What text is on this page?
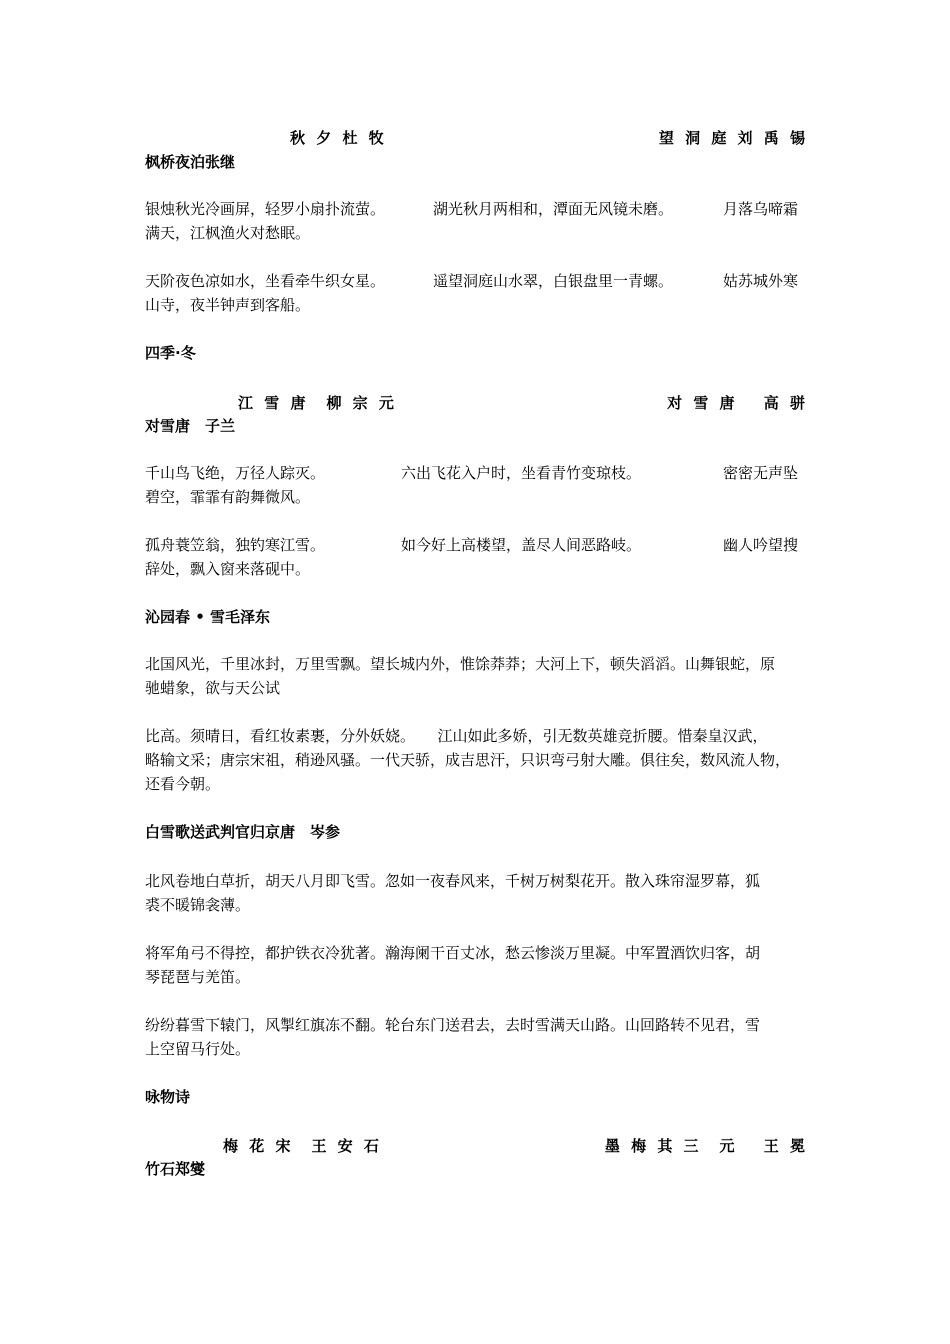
秋 夕 杜 牧	望 洞 庭 刘 禹 锡
枫桥夜泊张继
银烛秋光冷画屏，轻罗小扇扑流萤。	湖光秋月两相和，潭面无风镜未磨。	月落乌啼霜
满天，江枫渔火对愁眠。
天阶夜色凉如水，坐看牵牛织女星。	遥望洞庭山水翠，白银盘里一青螺。	姑苏城外寒
山寺，夜半钟声到客船。
四季·冬
江 雪 唐　柳 宗 元	对 雪 唐　 高 骈
对雪唐　子兰
千山鸟飞绝，万径人踪灭。	六出飞花入户时，坐看青竹变琼枝。	密密无声坠
碧空，霏霏有韵舞微风。
孤舟蓑笠翁，独钓寒江雪。	如今好上高楼望，盖尽人间恶路岐。	幽人吟望搜
辞处，飘入窗来落砚中。
沁园春 • 雪毛泽东
北国风光，千里冰封，万里雪飘。望长城内外，惟馀莽莽；大河上下，顿失滔滔。山舞银蛇，原
驰蜡象，欲与天公试
比高。须晴日，看红妆素裹，分外妖娆。　　江山如此多娇，引无数英雄竞折腰。惜秦皇汉武，
略输文采；唐宗宋祖，稍逊风骚。一代天骄，成吉思汗，只识弯弓射大雕。俱往矣，数风流人物，
还看今朝。
白雪歌送武判官归京唐　岑参
北风卷地白草折，胡天八月即飞雪。忽如一夜春风来，千树万树梨花开。散入珠帘湿罗幕，狐
裘不暖锦衾薄。
将军角弓不得控，都护铁衣冷犹著。瀚海阑干百丈冰，愁云惨淡万里凝。中军置酒饮归客，胡
琴琵琶与羌笛。
纷纷暮雪下辕门，风掣红旗冻不翻。轮台东门送君去，去时雪满天山路。山回路转不见君，雪
上空留马行处。
咏物诗
梅 花 宋　王 安 石	墨 梅 其 三　元　 王 冕
竹石郑燮
